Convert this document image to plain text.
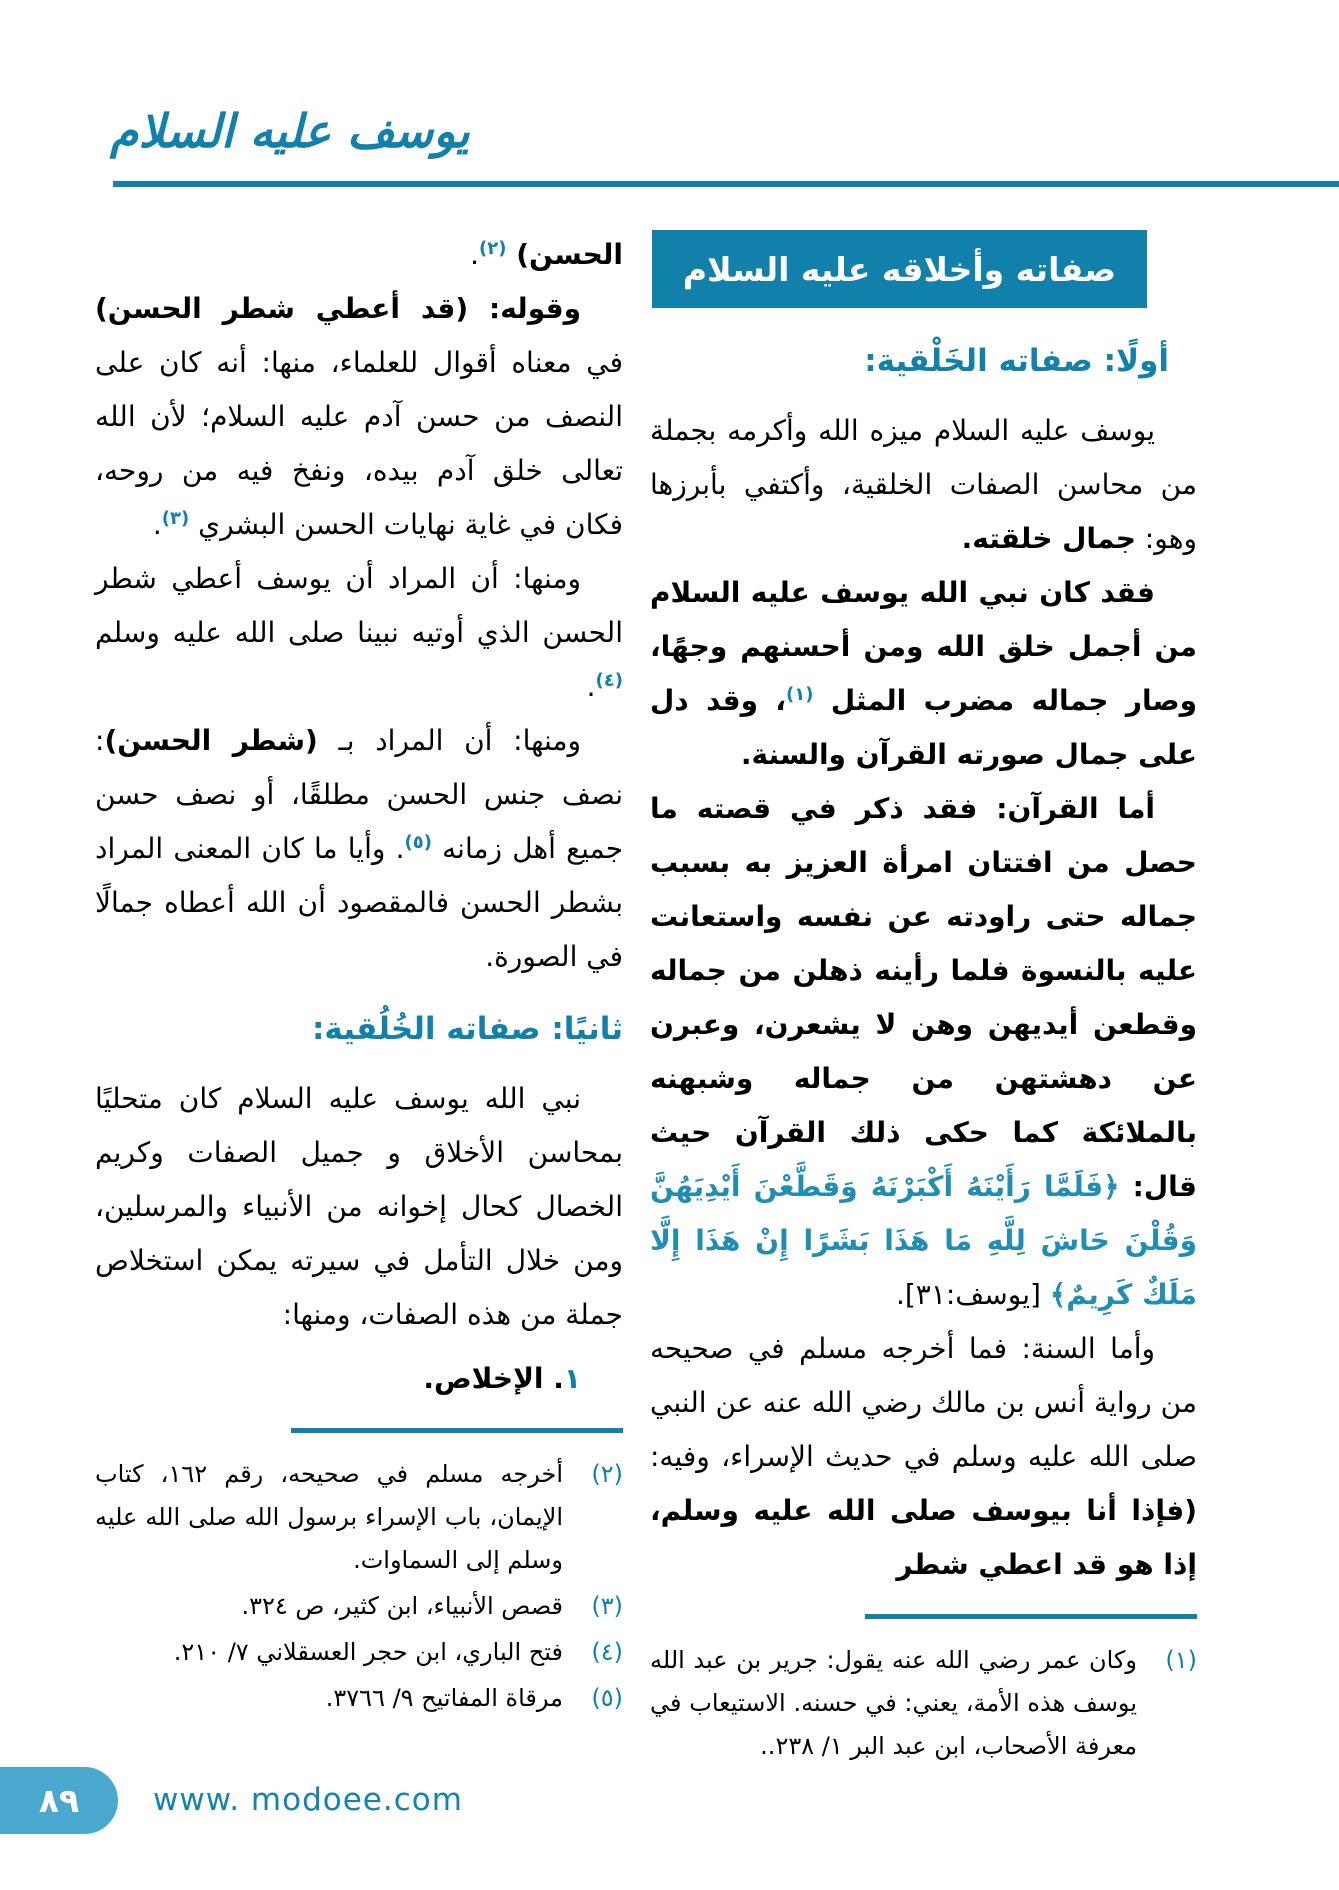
يوسف عليه السلام
صفاته وأخلاقه عليه السلام
أولًا: صفاته الخَلْقية:
يوسف عليه السلام ميزه الله وأكرمه بجملة من محاسن الصفات الخلقية، وأكتفي بأبرزها وهو: جمال خلقته.
فقد كان نبي الله يوسف عليه السلام من أجمل خلق الله ومن أحسنهم وجهًا، وصار جماله مضرب المثل $^{(١)}$، وقد دل على جمال صورته القرآن والسنة.
أما القرآن: فقد ذكر في قصته ما حصل من افتتان امرأة العزيز به بسبب جماله حتى راودته عن نفسه واستعانت عليه بالنسوة فلما رأينه ذهلن من جماله وقطعن أيديهن وهن لا يشعرن، وعبرن عن دهشتهن من جماله وشبهنه بالملائكة كما حكى ذلك القرآن حيث قال: ﴿فَلَمَّا رَأَيْنَهُ أَكْبَرْنَهُ وَقَطَّعْنَ أَيْدِيَهُنَّ وَقُلْنَ حَاشَ لِلَّهِ مَا هَذَا بَشَرًا إِنْ هَذَا إِلَّا مَلَكٌ كَرِيمٌ﴾ [يوسف:٣١].
وأما السنة: فما أخرجه مسلم في صحيحه من رواية أنس بن مالك رضي الله عنه عن النبي صلى الله عليه وسلم في حديث الإسراء، وفيه: (فإذا أنا بيوسف صلى الله عليه وسلم، إذا هو قد اعطي شطر
(١)
وكان عمر رضي الله عنه يقول: جرير بن عبد الله يوسف هذه الأمة، يعني: في حسنه. الاستيعاب في معرفة الأصحاب، ابن عبد البر ١/ ٢٣٨..
الحسن) $^{(٢)}$.
وقوله: (قد أعطي شطر الحسن) في معناه أقوال للعلماء، منها: أنه كان على النصف من حسن آدم عليه السلام؛ لأن الله تعالى خلق آدم بيده، ونفخ فيه من روحه، فكان في غاية نهايات الحسن البشري $^{(٣)}$.
ومنها: أن المراد أن يوسف أعطي شطر الحسن الذي أوتيه نبينا صلى الله عليه وسلم $^{(٤)}$.
ومنها: أن المراد بـ (شطر الحسن): نصف جنس الحسن مطلقًا، أو نصف حسن جميع أهل زمانه $^{(٥)}$. وأيا ما كان المعنى المراد بشطر الحسن فالمقصود أن الله أعطاه جمالًا في الصورة.
ثانيًا: صفاته الخُلُقية:
نبي الله يوسف عليه السلام كان متحليًا بمحاسن الأخلاق و جميل الصفات وكريم الخصال كحال إخوانه من الأنبياء والمرسلين، ومن خلال التأمل في سيرته يمكن استخلاص جملة من هذه الصفات، ومنها:
١. الإخلاص.
(٢)
أخرجه مسلم في صحيحه، رقم ١٦٢، كتاب الإيمان، باب الإسراء برسول الله صلى الله عليه وسلم إلى السماوات.
(٣)
قصص الأنبياء، ابن كثير، ص ٣٢٤.
(٤)
فتح الباري، ابن حجر العسقلاني ٧/ ٢١٠.
(٥)
مرقاة المفاتيح ٩/ ٣٧٦٦.
٨٩ www. modoee.com
